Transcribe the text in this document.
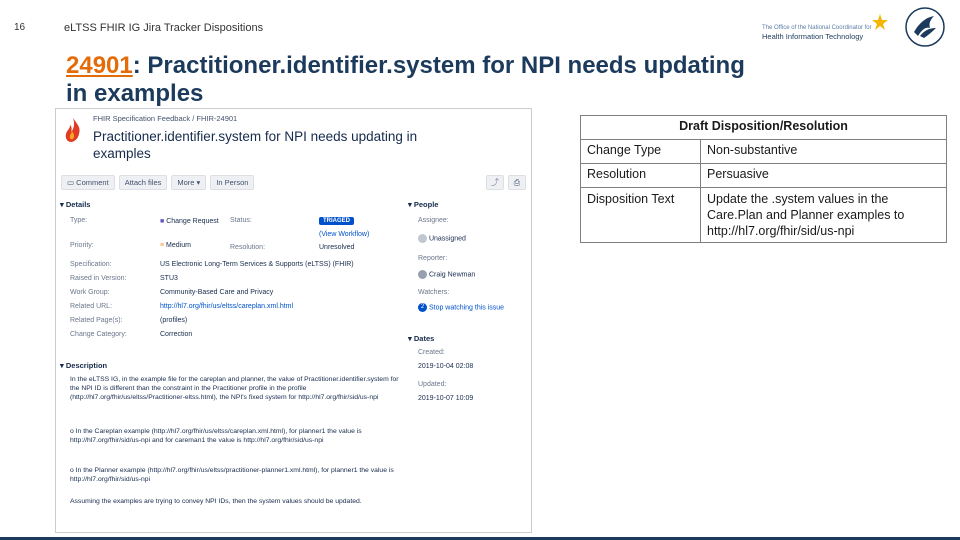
16	eLTSS FHIR IG Jira Tracker Dispositions	The Office of the National Coordinator for
Health Information Technology
24901: Practitioner.identifier.system for NPI needs updating in examples
FHIR Specification Feedback / FHIR-24901
Practitioner.identifier.system for NPI needs updating in examples
▭ Comment	Attach files	More ▾	In Person	⤴	⎙
▾ Details
Type:	■ Change Request Status:	TRIAGED
(View Workflow)
Priority:	≡ Medium	Resolution:	Unresolved
Specification:	US Electronic Long-Term Services & Supports (eLTSS) (FHIR)
Raised in Version:	STU3
Work Group:	Community-Based Care and Privacy
Related URL:	http://hl7.org/fhir/us/eltss/careplan.xml.html
Related Page(s):	(profiles)
Change Category:	Correction
▾ People
Assignee:
Unassigned
Reporter:
Craig Newman
Watchers:
2 Stop watching this issue
▾ Dates
Created:
2019-10-04 02:08
Updated:
2019-10-07 10:09
▾ Description
In the eLTSS IG, in the example file for the careplan and planner, the value of Practitioner.identifier.system for the NPI ID is different than the constraint in the Practitioner profile in the profile (http://hl7.org/fhir/us/eltss/Practitioner-eltss.html), the NPI's fixed system for http://hl7.org/fhir/sid/us-npi
o In the Careplan example (http://hl7.org/fhir/us/eltss/careplan.xml.html), for planner1 the value is http://hl7.org/fhir/sid/us-npi and for careman1 the value is http://hl7.org/fhir/sid/us-npi
o In the Planner example (http://hl7.org/fhir/us/eltss/practitioner-planner1.xml.html), for planner1 the value is http://hl7.org/fhir/sid/us-npi
Assuming the examples are trying to convey NPI IDs, then the system values should be updated.
Draft Disposition/Resolution	
Change Type	Non-substantive
Resolution	Persuasive
Disposition Text	Update the .system values in the Care.Plan and Planner examples to http://hl7.org/fhir/sid/us-npi
